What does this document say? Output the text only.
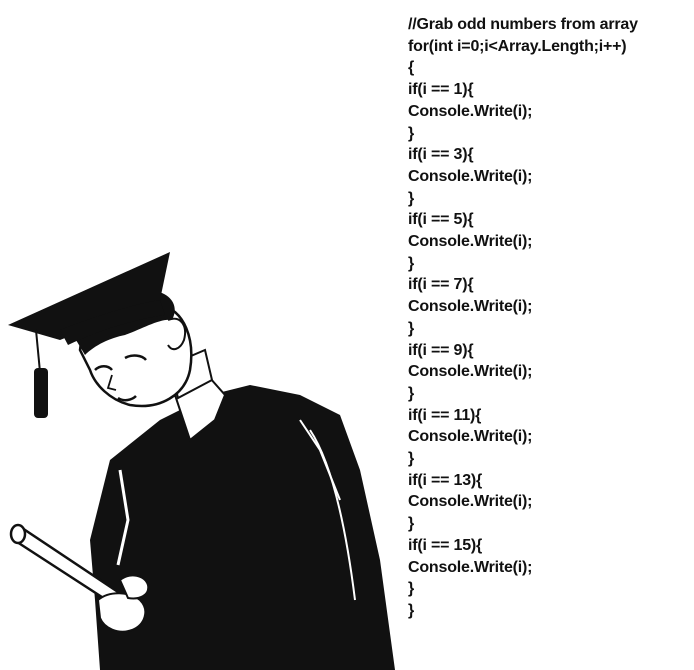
//Grab odd numbers from array
for(int i=0;i<Array.Length;i++)
{
if(i == 1){
Console.Write(i);
}
if(i == 3){
Console.Write(i);
}
if(i == 5){
Console.Write(i);
}
if(i == 7){
Console.Write(i);
}
if(i == 9){
Console.Write(i);
}
if(i == 11){
Console.Write(i);
}
if(i == 13){
Console.Write(i);
}
if(i == 15){
Console.Write(i);
}
}
